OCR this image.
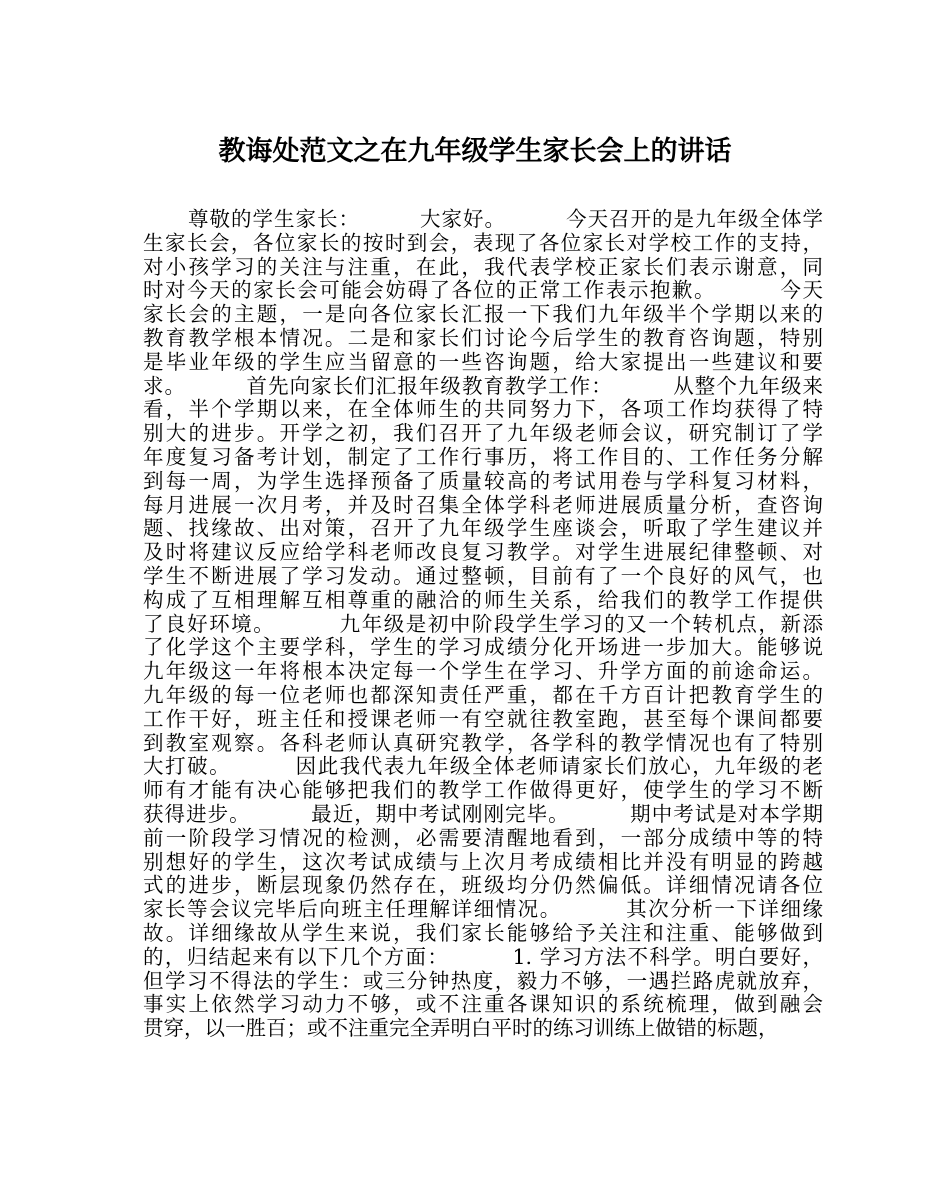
教诲处范文之在九年级学生家长会上的讲话
尊敬的学生家长：        大家好。        今天召开的是九年级全体学
生家长会，各位家长的按时到会，表现了各位家长对学校工作的支持，
对小孩学习的关注与注重，在此，我代表学校正家长们表示谢意，同
时对今天的家长会可能会妨碍了各位的正常工作表示抱歉。        今天
家长会的主题，一是向各位家长汇报一下我们九年级半个学期以来的
教育教学根本情况。二是和家长们讨论今后学生的教育咨询题，特别
是毕业年级的学生应当留意的一些咨询题，给大家提出一些建议和要
求。        首先向家长们汇报年级教育教学工作：        从整个九年级来
看，半个学期以来，在全体师生的共同努力下，各项工作均获得了特
别大的进步。开学之初，我们召开了九年级老师会议，研究制订了学
年度复习备考计划，制定了工作行事历，将工作目的、工作任务分解
到每一周，为学生选择预备了质量较高的考试用卷与学科复习材料，
每月进展一次月考，并及时召集全体学科老师进展质量分析，查咨询
题、找缘故、出对策，召开了九年级学生座谈会，听取了学生建议并
及时将建议反应给学科老师改良复习教学。对学生进展纪律整顿、对
学生不断进展了学习发动。通过整顿，目前有了一个良好的风气，也
构成了互相理解互相尊重的融洽的师生关系，给我们的教学工作提供
了良好环境。        九年级是初中阶段学生学习的又一个转机点，新添
了化学这个主要学科，学生的学习成绩分化开场进一步加大。能够说
九年级这一年将根本决定每一个学生在学习、升学方面的前途命运。
九年级的每一位老师也都深知责任严重，都在千方百计把教育学生的
工作干好，班主任和授课老师一有空就往教室跑，甚至每个课间都要
到教室观察。各科老师认真研究教学，各学科的教学情况也有了特别
大打破。        因此我代表九年级全体老师请家长们放心，九年级的老
师有才能有决心能够把我们的教学工作做得更好，使学生的学习不断
获得进步。        最近，期中考试刚刚完毕。        期中考试是对本学期
前一阶段学习情况的检测，必需要清醒地看到，一部分成绩中等的特
别想好的学生，这次考试成绩与上次月考成绩相比并没有明显的跨越
式的进步，断层现象仍然存在，班级均分仍然偏低。详细情况请各位
家长等会议完毕后向班主任理解详细情况。        其次分析一下详细缘
故。详细缘故从学生来说，我们家长能够给予关注和注重、能够做到
的，归结起来有以下几个方面：        1. 学习方法不科学。明白要好，
但学习不得法的学生：或三分钟热度，毅力不够，一遇拦路虎就放弃，
事实上依然学习动力不够，或不注重各课知识的系统梳理，做到融会
贯穿，以一胜百；或不注重完全弄明白平时的练习训练上做错的标题，
